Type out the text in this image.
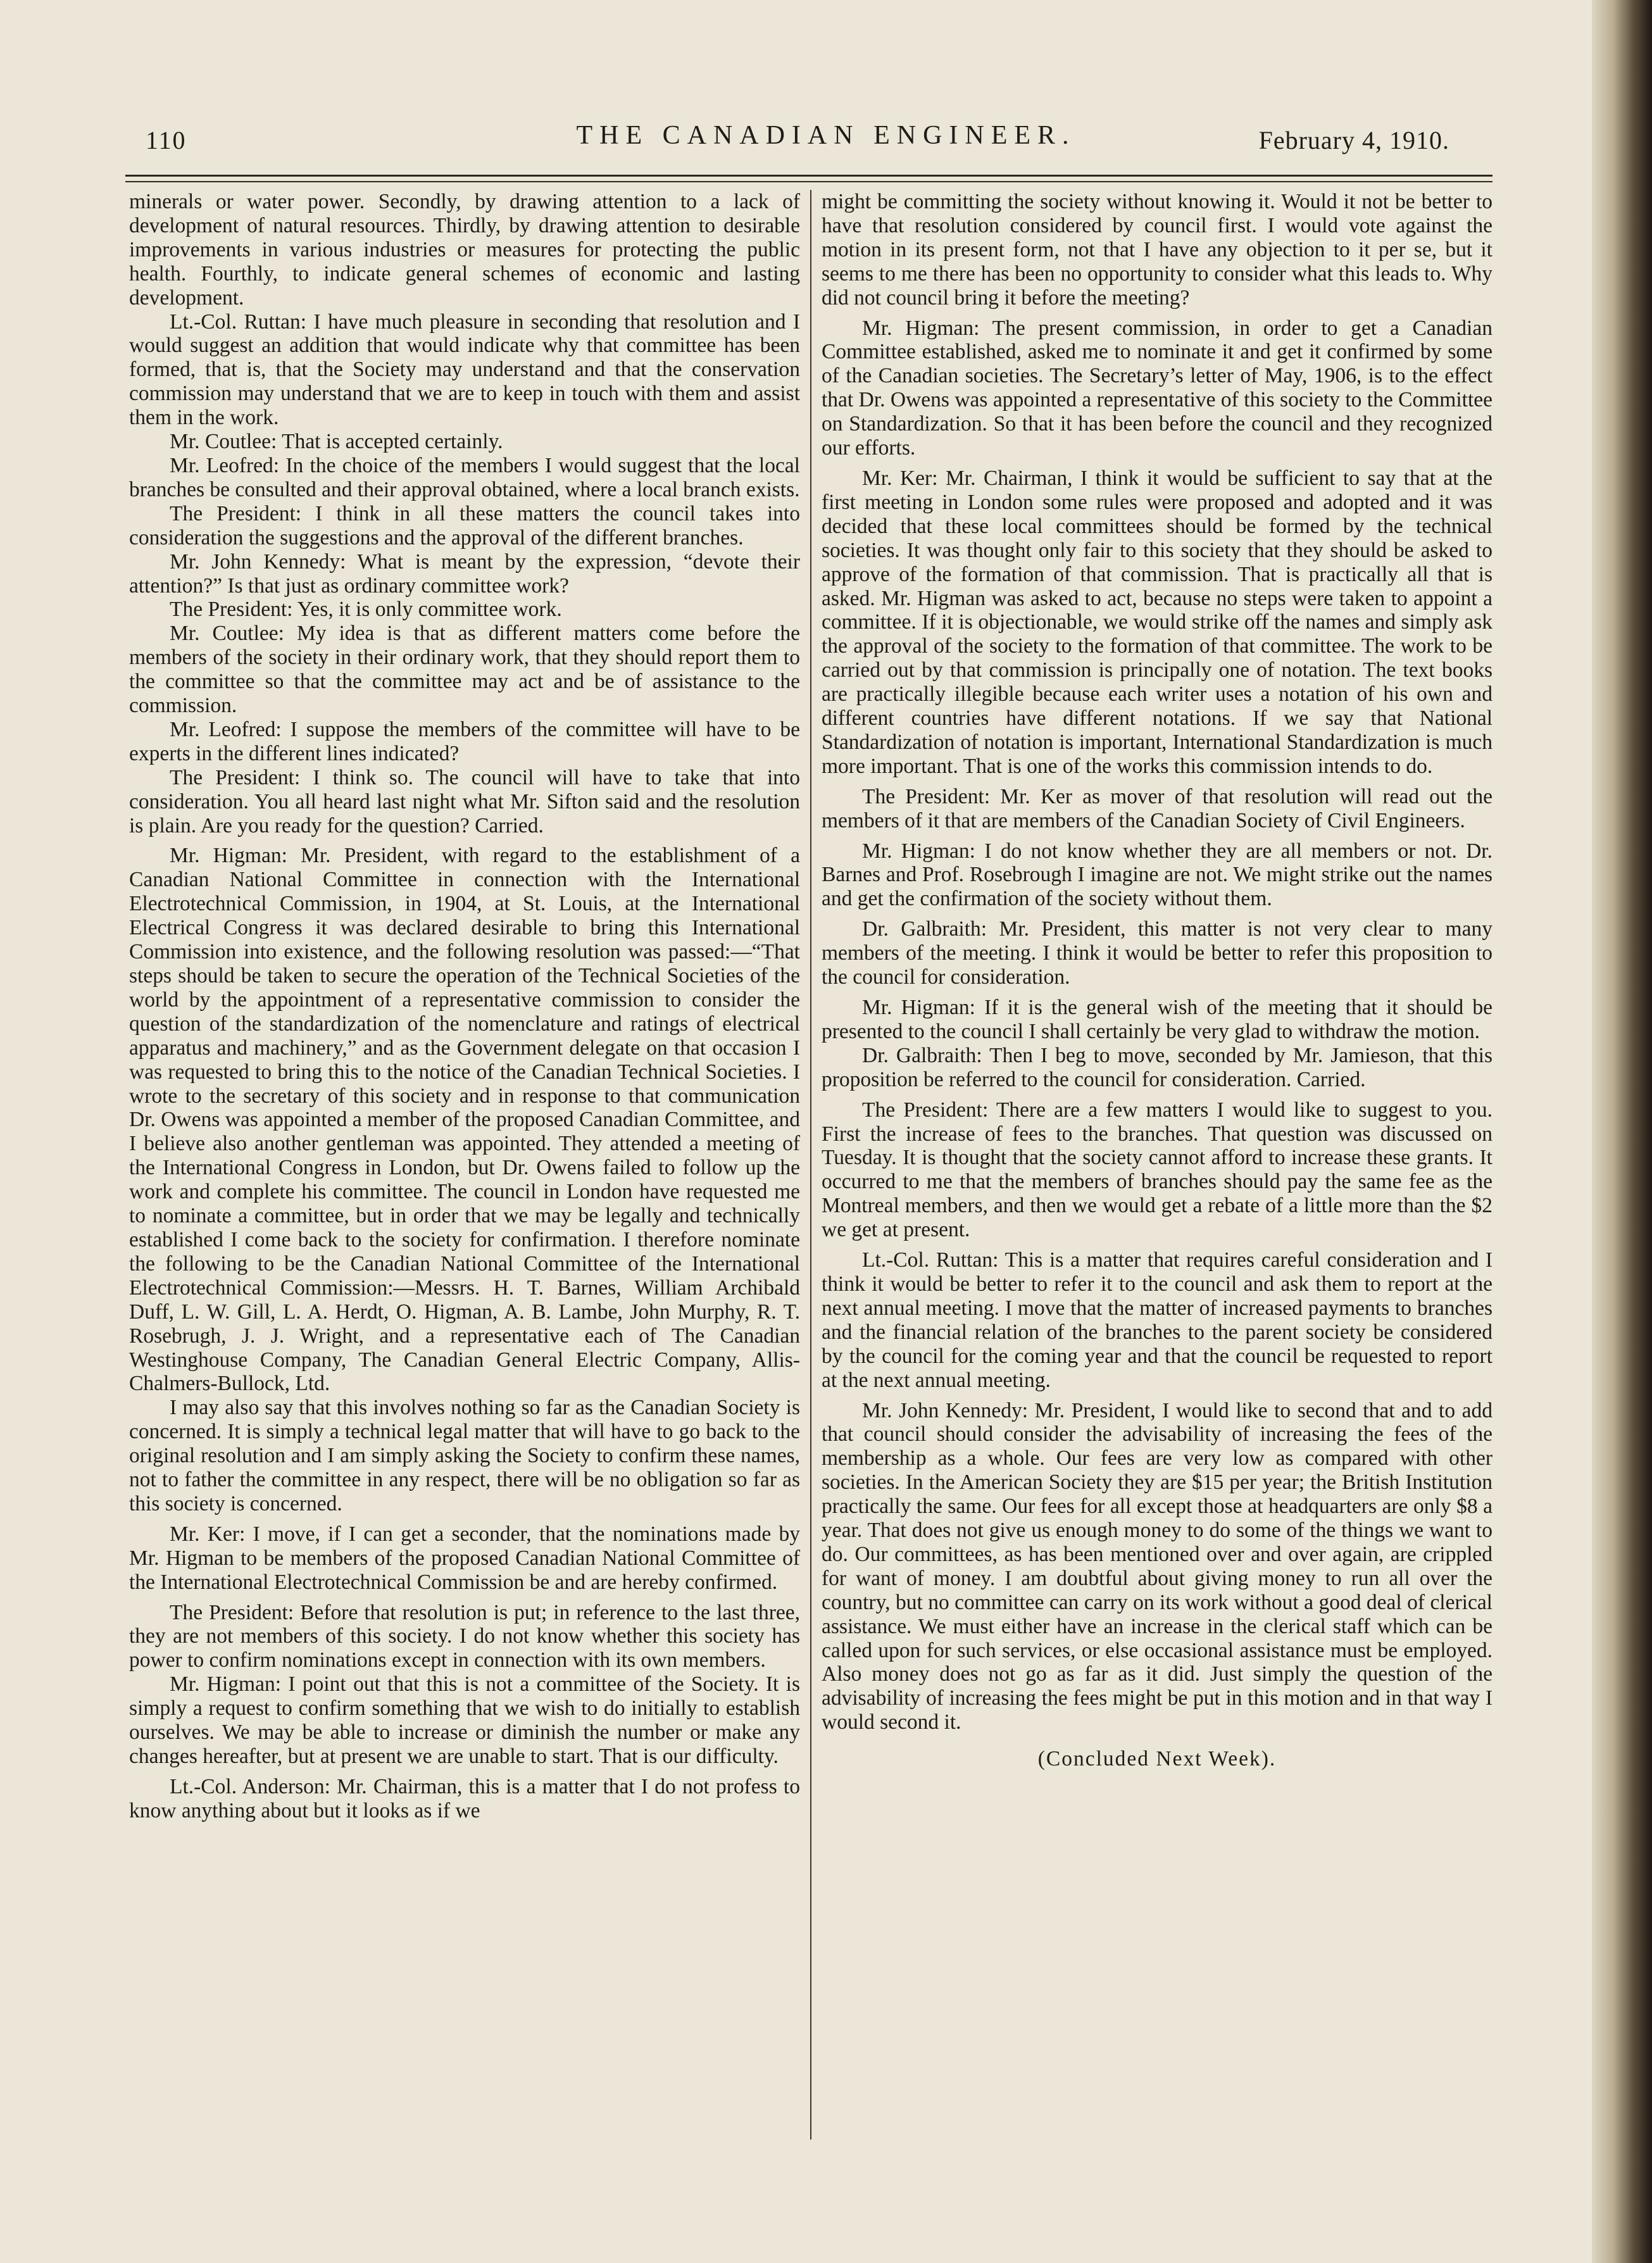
110	THE CANADIAN ENGINEER.	February 4, 1910.

minerals or water power. Secondly, by drawing attention to a lack of development of natural resources. Thirdly, by drawing attention to desirable improvements in various industries or measures for protecting the public health. Fourthly, to indicate general schemes of economic and lasting development.

Lt.-Col. Ruttan: I have much pleasure in seconding that resolution and I would suggest an addition that would indicate why that committee has been formed, that is, that the Society may understand and that the conservation commission may understand that we are to keep in touch with them and assist them in the work.

Mr. Coutlee: That is accepted certainly.

Mr. Leofred: In the choice of the members I would suggest that the local branches be consulted and their approval obtained, where a local branch exists.

The President: I think in all these matters the council takes into consideration the suggestions and the approval of the different branches.

Mr. John Kennedy: What is meant by the expression, “devote their attention?” Is that just as ordinary committee work?

The President: Yes, it is only committee work.

Mr. Coutlee: My idea is that as different matters come before the members of the society in their ordinary work, that they should report them to the committee so that the committee may act and be of assistance to the commission.

Mr. Leofred: I suppose the members of the committee will have to be experts in the different lines indicated?

The President: I think so. The council will have to take that into consideration. You all heard last night what Mr. Sifton said and the resolution is plain. Are you ready for the question? Carried.

Mr. Higman: Mr. President, with regard to the establishment of a Canadian National Committee in connection with the International Electrotechnical Commission, in 1904, at St. Louis, at the International Electrical Congress it was declared desirable to bring this International Commission into existence, and the following resolution was passed:—“That steps should be taken to secure the operation of the Technical Societies of the world by the appointment of a representative commission to consider the question of the standardization of the nomenclature and ratings of electrical apparatus and machinery,” and as the Government delegate on that occasion I was requested to bring this to the notice of the Canadian Technical Societies. I wrote to the secretary of this society and in response to that communication Dr. Owens was appointed a member of the proposed Canadian Committee, and I believe also another gentleman was appointed. They attended a meeting of the International Congress in London, but Dr. Owens failed to follow up the work and complete his committee. The council in London have requested me to nominate a committee, but in order that we may be legally and technically established I come back to the society for confirmation. I therefore nominate the following to be the Canadian National Committee of the International Electrotechnical Commission:—Messrs. H. T. Barnes, William Archibald Duff, L. W. Gill, L. A. Herdt, O. Higman, A. B. Lambe, John Murphy, R. T. Rosebrugh, J. J. Wright, and a representative each of The Canadian Westinghouse Company, The Canadian General Electric Company, Allis-Chalmers-Bullock, Ltd.

I may also say that this involves nothing so far as the Canadian Society is concerned. It is simply a technical legal matter that will have to go back to the original resolution and I am simply asking the Society to confirm these names, not to father the committee in any respect, there will be no obligation so far as this society is concerned.

Mr. Ker: I move, if I can get a seconder, that the nominations made by Mr. Higman to be members of the proposed Canadian National Committee of the International Electrotechnical Commission be and are hereby confirmed.

The President: Before that resolution is put; in reference to the last three, they are not members of this society. I do not know whether this society has power to confirm nominations except in connection with its own members.

Mr. Higman: I point out that this is not a committee of the Society. It is simply a request to confirm something that we wish to do initially to establish ourselves. We may be able to increase or diminish the number or make any changes hereafter, but at present we are unable to start. That is our difficulty.

Lt.-Col. Anderson: Mr. Chairman, this is a matter that I do not profess to know anything about but it looks as if we

might be committing the society without knowing it. Would it not be better to have that resolution considered by council first. I would vote against the motion in its present form, not that I have any objection to it per se, but it seems to me there has been no opportunity to consider what this leads to. Why did not council bring it before the meeting?

Mr. Higman: The present commission, in order to get a Canadian Committee established, asked me to nominate it and get it confirmed by some of the Canadian societies. The Secretary’s letter of May, 1906, is to the effect that Dr. Owens was appointed a representative of this society to the Committee on Standardization. So that it has been before the council and they recognized our efforts.

Mr. Ker: Mr. Chairman, I think it would be sufficient to say that at the first meeting in London some rules were proposed and adopted and it was decided that these local committees should be formed by the technical societies. It was thought only fair to this society that they should be asked to approve of the formation of that commission. That is practically all that is asked. Mr. Higman was asked to act, because no steps were taken to appoint a committee. If it is objectionable, we would strike off the names and simply ask the approval of the society to the formation of that committee. The work to be carried out by that commission is principally one of notation. The text books are practically illegible because each writer uses a notation of his own and different countries have different notations. If we say that National Standardization of notation is important, International Standardization is much more important. That is one of the works this commission intends to do.

The President: Mr. Ker as mover of that resolution will read out the members of it that are members of the Canadian Society of Civil Engineers.

Mr. Higman: I do not know whether they are all members or not. Dr. Barnes and Prof. Rosebrough I imagine are not. We might strike out the names and get the confirmation of the society without them.

Dr. Galbraith: Mr. President, this matter is not very clear to many members of the meeting. I think it would be better to refer this proposition to the council for consideration.

Mr. Higman: If it is the general wish of the meeting that it should be presented to the council I shall certainly be very glad to withdraw the motion.

Dr. Galbraith: Then I beg to move, seconded by Mr. Jamieson, that this proposition be referred to the council for consideration. Carried.

The President: There are a few matters I would like to suggest to you. First the increase of fees to the branches. That question was discussed on Tuesday. It is thought that the society cannot afford to increase these grants. It occurred to me that the members of branches should pay the same fee as the Montreal members, and then we would get a rebate of a little more than the $2 we get at present.

Lt.-Col. Ruttan: This is a matter that requires careful consideration and I think it would be better to refer it to the council and ask them to report at the next annual meeting. I move that the matter of increased payments to branches and the financial relation of the branches to the parent society be considered by the council for the coming year and that the council be requested to report at the next annual meeting.

Mr. John Kennedy: Mr. President, I would like to second that and to add that council should consider the advisability of increasing the fees of the membership as a whole. Our fees are very low as compared with other societies. In the American Society they are $15 per year; the British Institution practically the same. Our fees for all except those at headquarters are only $8 a year. That does not give us enough money to do some of the things we want to do. Our committees, as has been mentioned over and over again, are crippled for want of money. I am doubtful about giving money to run all over the country, but no committee can carry on its work without a good deal of clerical assistance. We must either have an increase in the clerical staff which can be called upon for such services, or else occasional assistance must be employed. Also money does not go as far as it did. Just simply the question of the advisability of increasing the fees might be put in this motion and in that way I would second it.

(Concluded Next Week).
